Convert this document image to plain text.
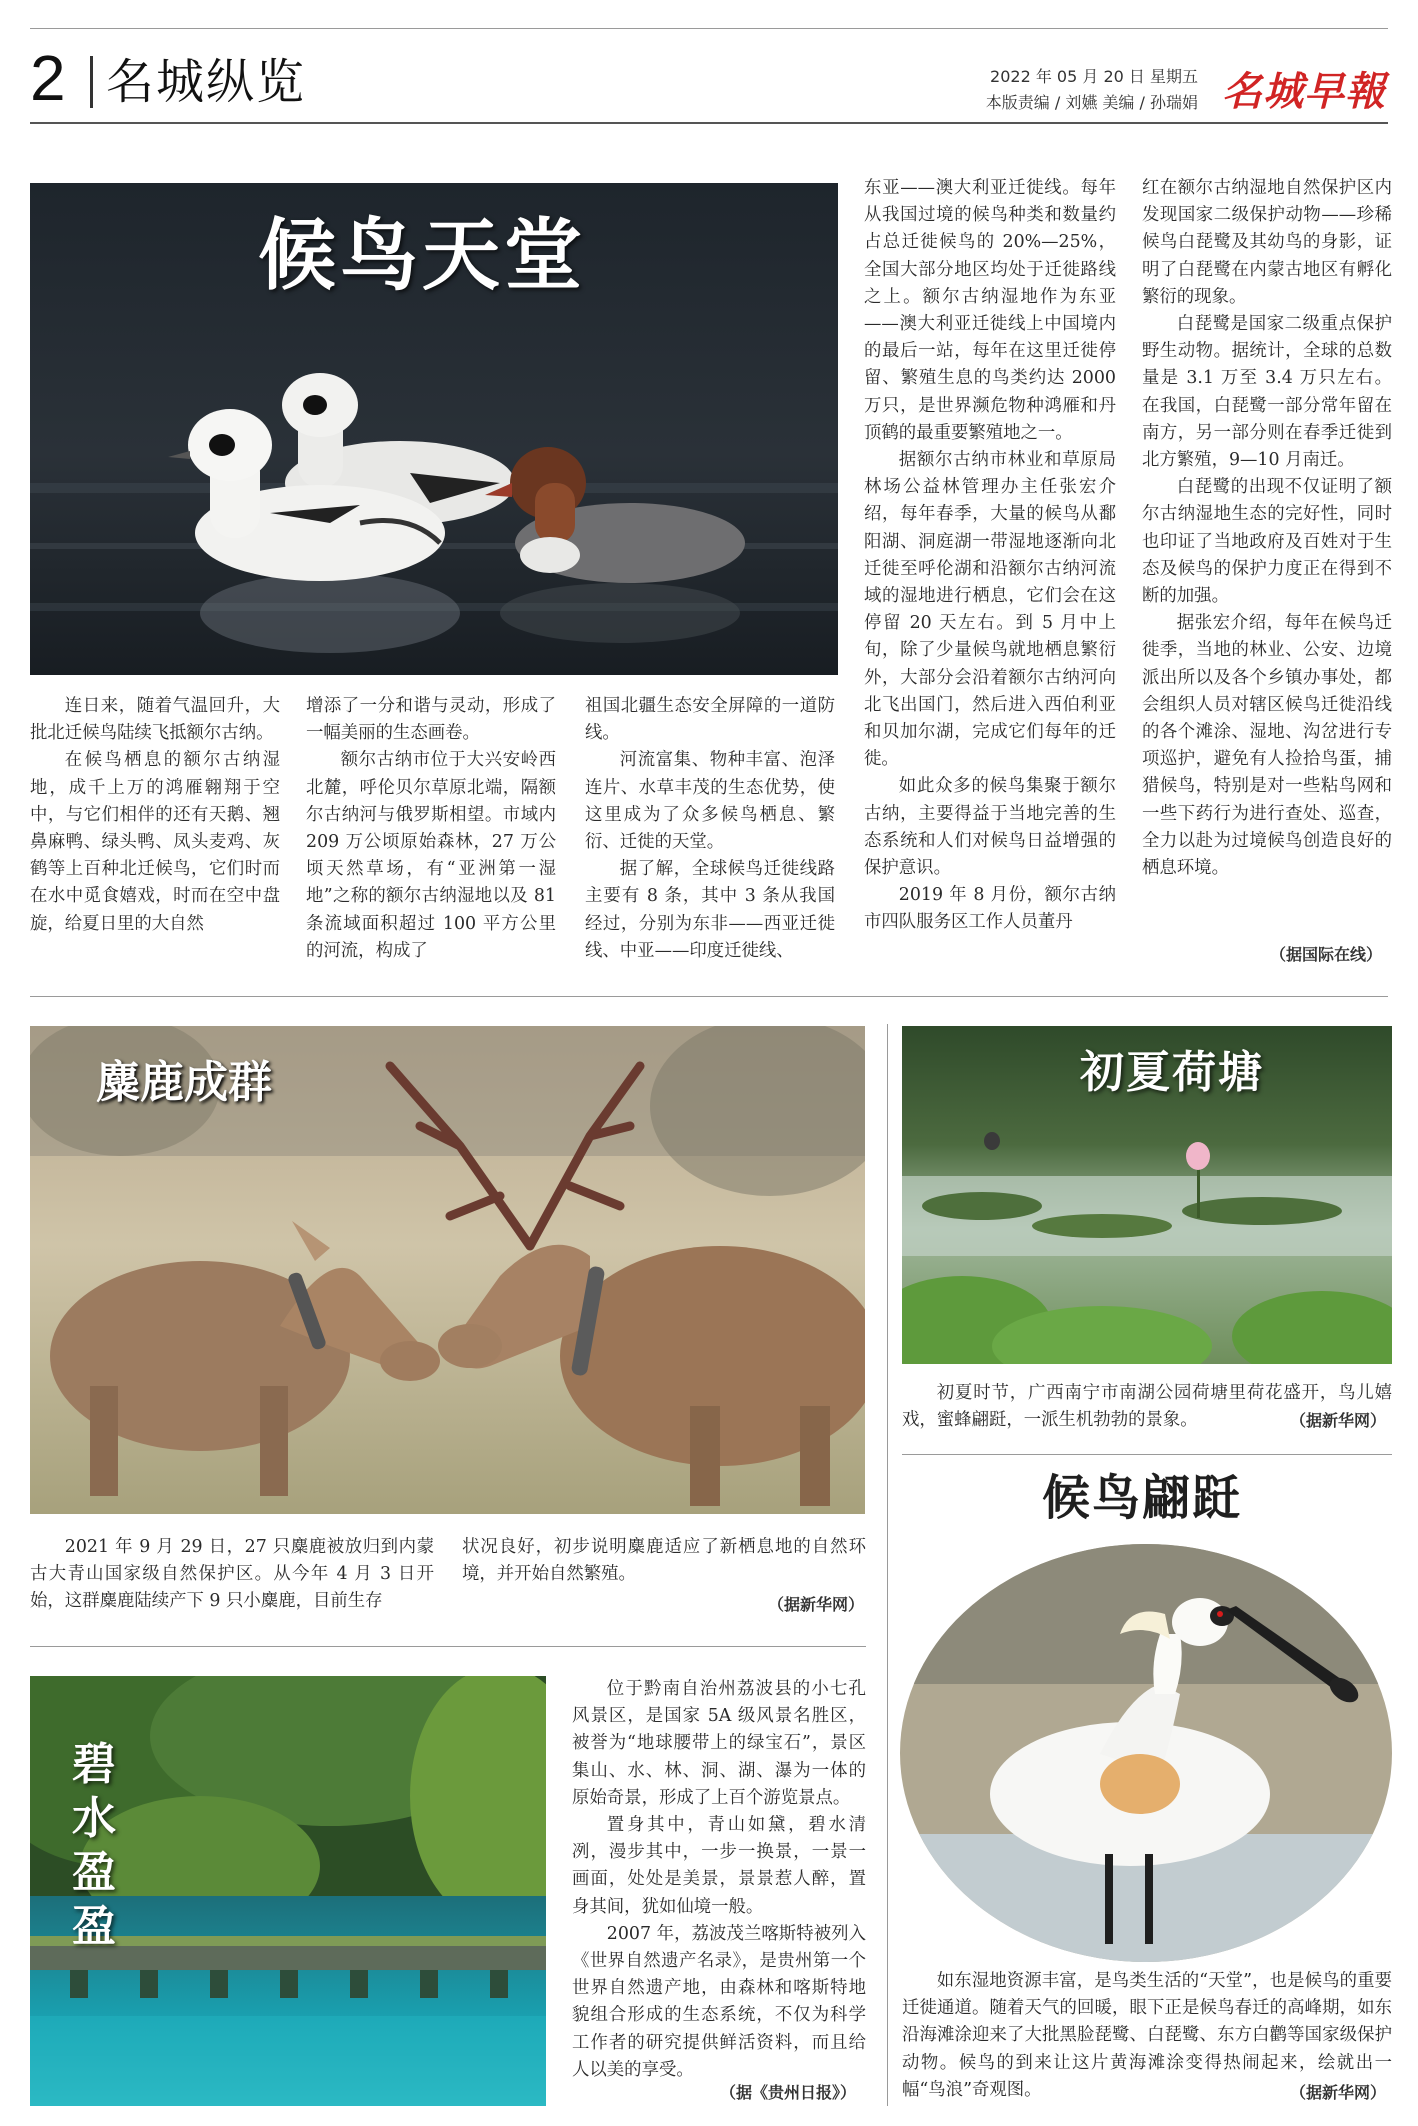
2 名城纵览	2022 年 05 月 20 日 星期五
本版责编 / 刘嬿 美编 / 孙瑞娟 名城早報
候鸟天堂

连日来，随着气温回升，大批北迁候鸟陆续飞抵额尔古纳。

在候鸟栖息的额尔古纳湿地，成千上万的鸿雁翱翔于空中，与它们相伴的还有天鹅、翘鼻麻鸭、绿头鸭、凤头麦鸡、灰鹤等上百种北迁候鸟，它们时而在水中觅食嬉戏，时而在空中盘旋，给夏日里的大自然

增添了一分和谐与灵动，形成了一幅美丽的生态画卷。

额尔古纳市位于大兴安岭西北麓，呼伦贝尔草原北端，隔额尔古纳河与俄罗斯相望。市域内 209 万公顷原始森林，27 万公顷天然草场，有“亚洲第一湿地”之称的额尔古纳湿地以及 81 条流域面积超过 100 平方公里的河流，构成了

祖国北疆生态安全屏障的一道防线。

河流富集、物种丰富、泡泽连片、水草丰茂的生态优势，使这里成为了众多候鸟栖息、繁衍、迁徙的天堂。

据了解，全球候鸟迁徙线路主要有 8 条，其中 3 条从我国经过，分别为东非——西亚迁徙线、中亚——印度迁徙线、

东亚——澳大利亚迁徙线。每年从我国过境的候鸟种类和数量约占总迁徙候鸟的 20%—25%，全国大部分地区均处于迁徙路线之上。额尔古纳湿地作为东亚——澳大利亚迁徙线上中国境内的最后一站，每年在这里迁徙停留、繁殖生息的鸟类约达 2000 万只，是世界濒危物种鸿雁和丹顶鹤的最重要繁殖地之一。

据额尔古纳市林业和草原局林场公益林管理办主任张宏介绍，每年春季，大量的候鸟从鄱阳湖、洞庭湖一带湿地逐渐向北迁徙至呼伦湖和沿额尔古纳河流域的湿地进行栖息，它们会在这停留 20 天左右。到 5 月中上旬，除了少量候鸟就地栖息繁衍外，大部分会沿着额尔古纳河向北飞出国门，然后进入西伯利亚和贝加尔湖，完成它们每年的迁徙。

如此众多的候鸟集聚于额尔古纳，主要得益于当地完善的生态系统和人们对候鸟日益增强的保护意识。

2019 年 8 月份，额尔古纳市四队服务区工作人员董丹

红在额尔古纳湿地自然保护区内发现国家二级保护动物——珍稀候鸟白琵鹭及其幼鸟的身影，证明了白琵鹭在内蒙古地区有孵化繁衍的现象。

白琵鹭是国家二级重点保护野生动物。据统计，全球的总数量是 3.1 万至 3.4 万只左右。在我国，白琵鹭一部分常年留在南方，另一部分则在春季迁徙到北方繁殖，9—10 月南迁。

白琵鹭的出现不仅证明了额尔古纳湿地生态的完好性，同时也印证了当地政府及百姓对于生态及候鸟的保护力度正在得到不断的加强。

据张宏介绍，每年在候鸟迁徙季，当地的林业、公安、边境派出所以及各个乡镇办事处，都会组织人员对辖区候鸟迁徙沿线的各个滩涂、湿地、沟岔进行专项巡护，避免有人捡拾鸟蛋，捕猎候鸟，特别是对一些粘鸟网和一些下药行为进行查处、巡查，全力以赴为过境候鸟创造良好的栖息环境。

（据国际在线）
麋鹿成群

2021 年 9 月 29 日，27 只麋鹿被放归到内蒙古大青山国家级自然保护区。从今年 4 月 3 日开始，这群麋鹿陆续产下 9 只小麋鹿，目前生存

状况良好，初步说明麋鹿适应了新栖息地的自然环境，并开始自然繁殖。

（据新华网）
初夏荷塘

初夏时节，广西南宁市南湖公园荷塘里荷花盛开，鸟儿嬉戏，蜜蜂翩跹，一派生机勃勃的景象。	（据新华网）
候鸟翩跹

如东湿地资源丰富，是鸟类生活的“天堂”，也是候鸟的重要迁徙通道。随着天气的回暖，眼下正是候鸟春迁的高峰期，如东沿海滩涂迎来了大批黑脸琵鹭、白琵鹭、东方白鹳等国家级保护动物。候鸟的到来让这片黄海滩涂变得热闹起来，绘就出一幅“鸟浪”奇观图。	（据新华网）
碧水盈盈

位于黔南自治州荔波县的小七孔风景区，是国家 5A 级风景名胜区，被誉为“地球腰带上的绿宝石”，景区集山、水、林、洞、湖、瀑为一体的原始奇景，形成了上百个游览景点。

置身其中，青山如黛，碧水清冽，漫步其中，一步一换景，一景一画面，处处是美景，景景惹人醉，置身其间，犹如仙境一般。

2007 年，荔波茂兰喀斯特被列入《世界自然遗产名录》，是贵州第一个世界自然遗产地，由森林和喀斯特地貌组合形成的生态系统，不仅为科学工作者的研究提供鲜活资料，而且给人以美的享受。

（据《贵州日报》）
